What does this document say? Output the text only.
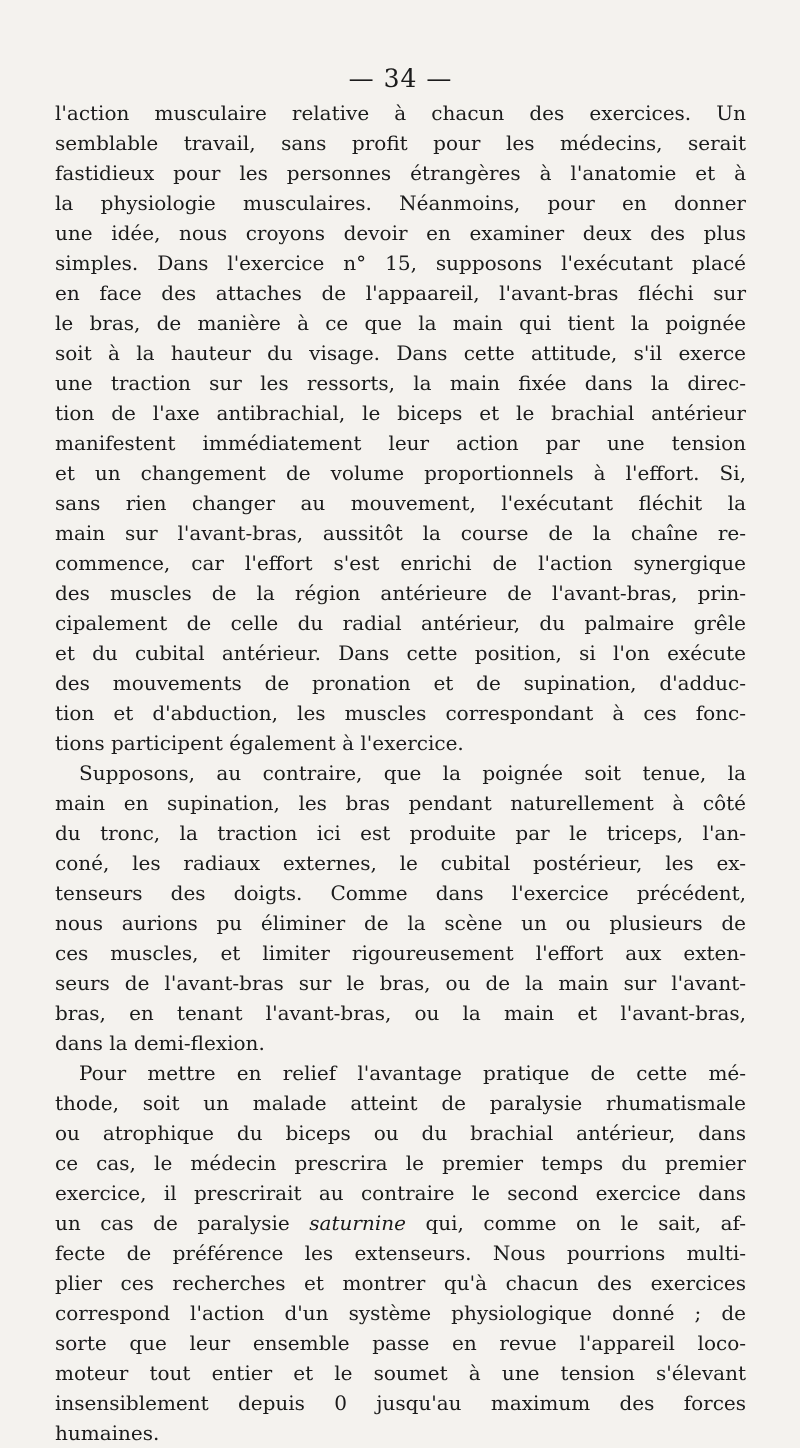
— 34 —

l'action musculaire relative à chacun des exercices. Un
semblable travail, sans profit pour les médecins, serait
fastidieux pour les personnes étrangères à l'anatomie et à
la physiologie musculaires. Néanmoins, pour en donner
une idée, nous croyons devoir en examiner deux des plus
simples. Dans l'exercice n° 15, supposons l'exécutant placé
en face des attaches de l'appaareil, l'avant-bras fléchi sur
le bras, de manière à ce que la main qui tient la poignée
soit à la hauteur du visage. Dans cette attitude, s'il exerce
une traction sur les ressorts, la main fixée dans la direc-
tion de l'axe antibrachial, le biceps et le brachial antérieur
manifestent immédiatement leur action par une tension
et un changement de volume proportionnels à l'effort. Si,
sans rien changer au mouvement, l'exécutant fléchit la
main sur l'avant-bras, aussitôt la course de la chaîne re-
commence, car l'effort s'est enrichi de l'action synergique
des muscles de la région antérieure de l'avant-bras, prin-
cipalement de celle du radial antérieur, du palmaire grêle
et du cubital antérieur. Dans cette position, si l'on exécute
des mouvements de pronation et de supination, d'adduc-
tion et d'abduction, les muscles correspondant à ces fonc-
tions participent également à l'exercice.

Supposons, au contraire, que la poignée soit tenue, la
main en supination, les bras pendant naturellement à côté
du tronc, la traction ici est produite par le triceps, l'an-
coné, les radiaux externes, le cubital postérieur, les ex-
tenseurs des doigts. Comme dans l'exercice précédent,
nous aurions pu éliminer de la scène un ou plusieurs de
ces muscles, et limiter rigoureusement l'effort aux exten-
seurs de l'avant-bras sur le bras, ou de la main sur l'avant-
bras, en tenant l'avant-bras, ou la main et l'avant-bras,
dans la demi-flexion.

Pour mettre en relief l'avantage pratique de cette mé-
thode, soit un malade atteint de paralysie rhumatismale
ou atrophique du biceps ou du brachial antérieur, dans
ce cas, le médecin prescrira le premier temps du premier
exercice, il prescrirait au contraire le second exercice dans
un cas de paralysie saturnine qui, comme on le sait, af-
fecte de préférence les extenseurs. Nous pourrions multi-
plier ces recherches et montrer qu'à chacun des exercices
correspond l'action d'un système physiologique donné ; de
sorte que leur ensemble passe en revue l'appareil loco-
moteur tout entier et le soumet à une tension s'élevant
insensiblement depuis 0 jusqu'au maximum des forces
humaines.
